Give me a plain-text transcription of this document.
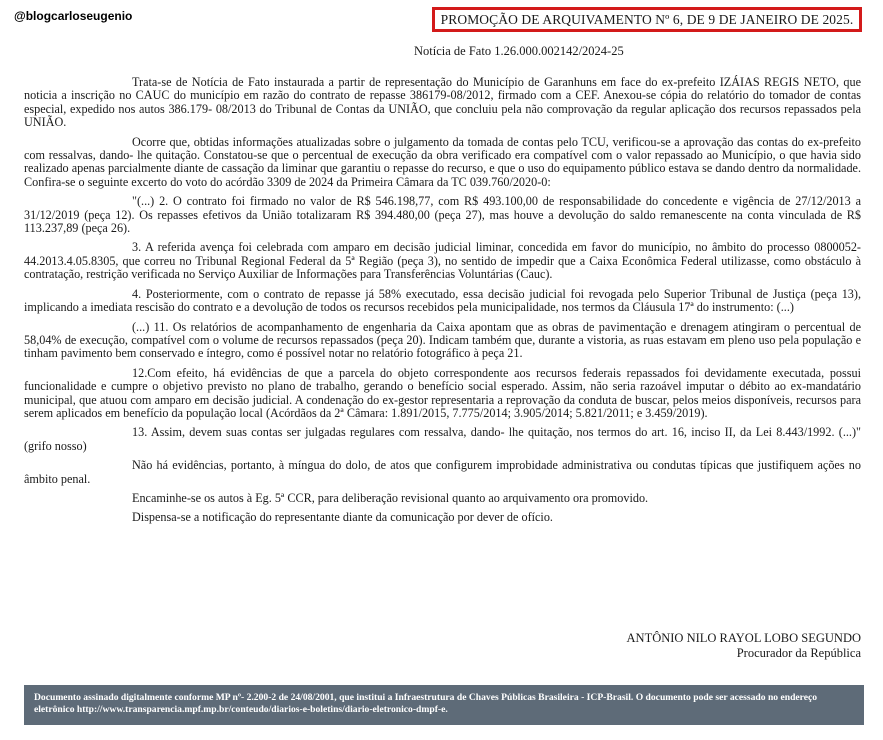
@blogcarloseugenio	PROMOÇÃO DE ARQUIVAMENTO Nº 6, DE 9 DE JANEIRO DE 2025.
Notícia de Fato 1.26.000.002142/2024-25

Trata-se de Notícia de Fato instaurada a partir de representação do Município de Garanhuns em face do ex-prefeito IZÁIAS REGIS NETO, que noticia a inscrição no CAUC do município em razão do contrato de repasse 386179-08/2012, firmado com a CEF. Anexou-se cópia do relatório do tomador de contas especial, expedido nos autos 386.179- 08/2013 do Tribunal de Contas da UNIÃO, que concluiu pela não comprovação da regular aplicação dos recursos repassados pela UNIÃO.

Ocorre que, obtidas informações atualizadas sobre o julgamento da tomada de contas pelo TCU, verificou-se a aprovação das contas do ex-prefeito com ressalvas, dando- lhe quitação. Constatou-se que o percentual de execução da obra verificado era compatível com o valor repassado ao Município, o que havia sido realizado apenas parcialmente diante de cassação da liminar que garantiu o repasse do recurso, e que o uso do equipamento público estava se dando dentro da normalidade. Confira-se o seguinte excerto do voto do acórdão 3309 de 2024 da Primeira Câmara da TC 039.760/2020-0:

"(...) 2. O contrato foi firmado no valor de R$ 546.198,77, com R$ 493.100,00 de responsabilidade do concedente e vigência de 27/12/2013 a 31/12/2019 (peça 12). Os repasses efetivos da União totalizaram R$ 394.480,00 (peça 27), mas houve a devolução do saldo remanescente na conta vinculada de R$ 113.237,89 (peça 26).

3. A referida avença foi celebrada com amparo em decisão judicial liminar, concedida em favor do município, no âmbito do processo 0800052- 44.2013.4.05.8305, que correu no Tribunal Regional Federal da 5ª Região (peça 3), no sentido de impedir que a Caixa Econômica Federal utilizasse, como obstáculo à contratação, restrição verificada no Serviço Auxiliar de Informações para Transferências Voluntárias (Cauc).

4. Posteriormente, com o contrato de repasse já 58% executado, essa decisão judicial foi revogada pelo Superior Tribunal de Justiça (peça 13), implicando a imediata rescisão do contrato e a devolução de todos os recursos recebidos pela municipalidade, nos termos da Cláusula 17ª do instrumento: (...)

(...) 11. Os relatórios de acompanhamento de engenharia da Caixa apontam que as obras de pavimentação e drenagem atingiram o percentual de 58,04% de execução, compatível com o volume de recursos repassados (peça 20). Indicam também que, durante a vistoria, as ruas estavam em pleno uso pela população e tinham pavimento bem conservado e íntegro, como é possível notar no relatório fotográfico à peça 21.

12.Com efeito, há evidências de que a parcela do objeto correspondente aos recursos federais repassados foi devidamente executada, possui funcionalidade e cumpre o objetivo previsto no plano de trabalho, gerando o benefício social esperado. Assim, não seria razoável imputar o débito ao ex-mandatário municipal, que atuou com amparo em decisão judicial. A condenação do ex-gestor representaria a reprovação da conduta de buscar, pelos meios disponíveis, recursos para serem aplicados em benefício da população local (Acórdãos da 2ª Câmara: 1.891/2015, 7.775/2014; 3.905/2014; 5.821/2011; e 3.459/2019).

13. Assim, devem suas contas ser julgadas regulares com ressalva, dando- lhe quitação, nos termos do art. 16, inciso II, da Lei 8.443/1992. (...)" (grifo nosso)

Não há evidências, portanto, à míngua do dolo, de atos que configurem improbidade administrativa ou condutas típicas que justifiquem ações no âmbito penal.

Encaminhe-se os autos à Eg. 5ª CCR, para deliberação revisional quanto ao arquivamento ora promovido.

Dispensa-se a notificação do representante diante da comunicação por dever de ofício.

ANTÔNIO NILO RAYOL LOBO SEGUNDO
Procurador da República
Documento assinado digitalmente conforme MP nº- 2.200-2 de 24/08/2001, que institui a Infraestrutura de Chaves Públicas Brasileira - ICP-Brasil. O documento pode ser acessado no endereço eletrônico http://www.transparencia.mpf.mp.br/conteudo/diarios-e-boletins/diario-eletronico-dmpf-e.
